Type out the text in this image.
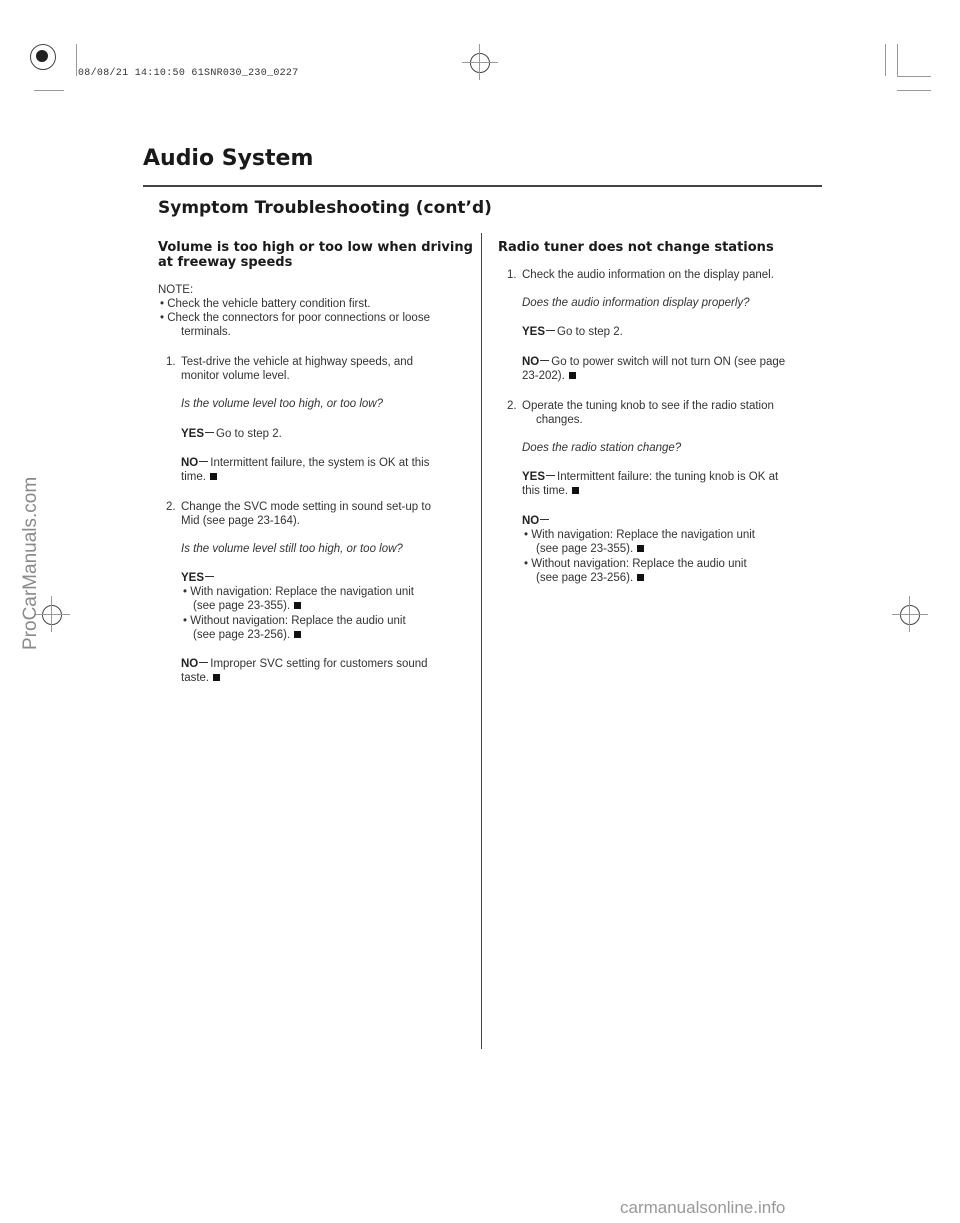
08/08/21 14:10:50 61SNR030_230_0227
Audio System
Symptom Troubleshooting (cont’d)
Volume is too high or too low when driving
at freeway speeds
NOTE:
• Check the vehicle battery condition first.
• Check the connectors for poor connections or loose
terminals.
1. Test-drive the vehicle at highway speeds, and
monitor volume level.
Is the volume level too high, or too low?
YES Go to step 2.
NO Intermittent failure, the system is OK at this
time.
2. Change the SVC mode setting in sound set-up to
Mid (see page 23-164).
Is the volume level still too high, or too low?
YES
• With navigation: Replace the navigation unit
(see page 23-355).
• Without navigation: Replace the audio unit
(see page 23-256).
NO Improper SVC setting for customers sound
taste.
Radio tuner does not change stations
1. Check the audio information on the display panel.
Does the audio information display properly?
YES Go to step 2.
NO Go to power switch will not turn ON (see page
23-202).
2. Operate the tuning knob to see if the radio station
changes.
Does the radio station change?
YES Intermittent failure: the tuning knob is OK at
this time.
NO
• With navigation: Replace the navigation unit
(see page 23-355).
• Without navigation: Replace the audio unit
(see page 23-256).
ProCarManuals.com
carmanualsonline.info
